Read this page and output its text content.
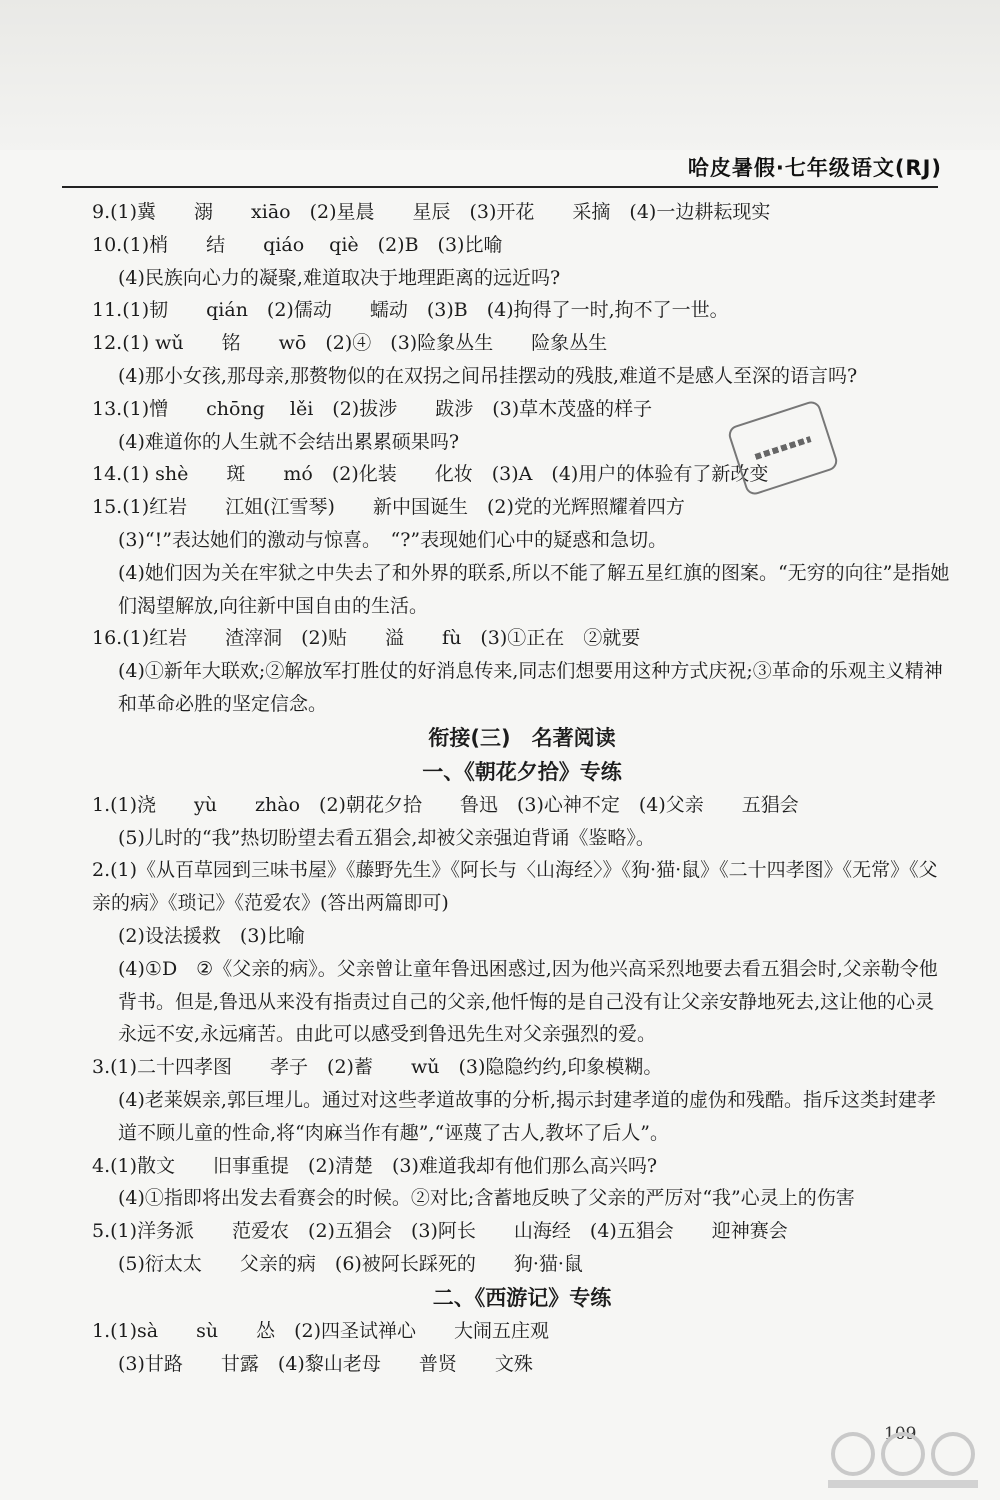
哈皮暑假·七年级语文(RJ)
9.(1)冀　　溺　　xiāo　(2)星晨　　星辰　(3)开花　　采摘　(4)一边耕耘现实
10.(1)梢　　结　　qiáo　 qiè　(2)B　(3)比喻
(4)民族向心力的凝聚,难道取决于地理距离的远近吗?
11.(1)韧　　qián　(2)儒动　　蠕动　(3)B　(4)拘得了一时,拘不了一世。
12.(1) wǔ　　铭　　wō　(2)④　(3)险象丛生　　险象丛生
(4)那小女孩,那母亲,那赘物似的在双拐之间吊挂摆动的残肢,难道不是感人至深的语言吗?
13.(1)憎　　chōng　 lěi　(2)拔涉　　跋涉　(3)草木茂盛的样子
(4)难道你的人生就不会结出累累硕果吗?
14.(1) shè　　斑　　mó　(2)化装　　化妆　(3)A　(4)用户的体验有了新改变
15.(1)红岩　　江姐(江雪琴)　　新中国诞生　(2)党的光辉照耀着四方
(3)“!”表达她们的激动与惊喜。　“?”表现她们心中的疑惑和急切。
(4)她们因为关在牢狱之中失去了和外界的联系,所以不能了解五星红旗的图案。“无穷的向往”是指她们渴望解放,向往新中国自由的生活。
16.(1)红岩　　渣滓洞　(2)贴　　溢　　fù　(3)①正在　②就要
(4)①新年大联欢;②解放军打胜仗的好消息传来,同志们想要用这种方式庆祝;③革命的乐观主义精神和革命必胜的坚定信念。
衔接(三)　名著阅读
一、《朝花夕拾》专练
1.(1)浇　　yù　　zhào　(2)朝花夕拾　　鲁迅　(3)心神不定　(4)父亲　　五猖会
(5)儿时的“我”热切盼望去看五猖会,却被父亲强迫背诵《鉴略》。
2.(1)《从百草园到三味书屋》《藤野先生》《阿长与〈山海经〉》《狗·猫·鼠》《二十四孝图》《无常》《父亲的病》《琐记》《范爱农》(答出两篇即可)
(2)设法援救　(3)比喻
(4)①D　②《父亲的病》。父亲曾让童年鲁迅困惑过,因为他兴高采烈地要去看五猖会时,父亲勒令他背书。但是,鲁迅从来没有指责过自己的父亲,他忏悔的是自己没有让父亲安静地死去,这让他的心灵永远不安,永远痛苦。由此可以感受到鲁迅先生对父亲强烈的爱。
3.(1)二十四孝图　　孝子　(2)蓄　　wǔ　(3)隐隐约约,印象模糊。
(4)老莱娱亲,郭巨埋儿。通过对这些孝道故事的分析,揭示封建孝道的虚伪和残酷。指斥这类封建孝道不顾儿童的性命,将“肉麻当作有趣”,“诬蔑了古人,教坏了后人”。
4.(1)散文　　旧事重提　(2)清楚　(3)难道我却有他们那么高兴吗?
(4)①指即将出发去看赛会的时候。②对比;含蓄地反映了父亲的严厉对“我”心灵上的伤害
5.(1)洋务派　　范爱农　(2)五猖会　(3)阿长　　山海经　(4)五猖会　　迎神赛会
(5)衍太太　　父亲的病　(6)被阿长踩死的　　狗·猫·鼠
二、《西游记》专练
1.(1)sà　　sù　　怂　(2)四圣试禅心　　大闹五庄观
(3)甘路　　甘露　(4)黎山老母　　普贤　　文殊
109
